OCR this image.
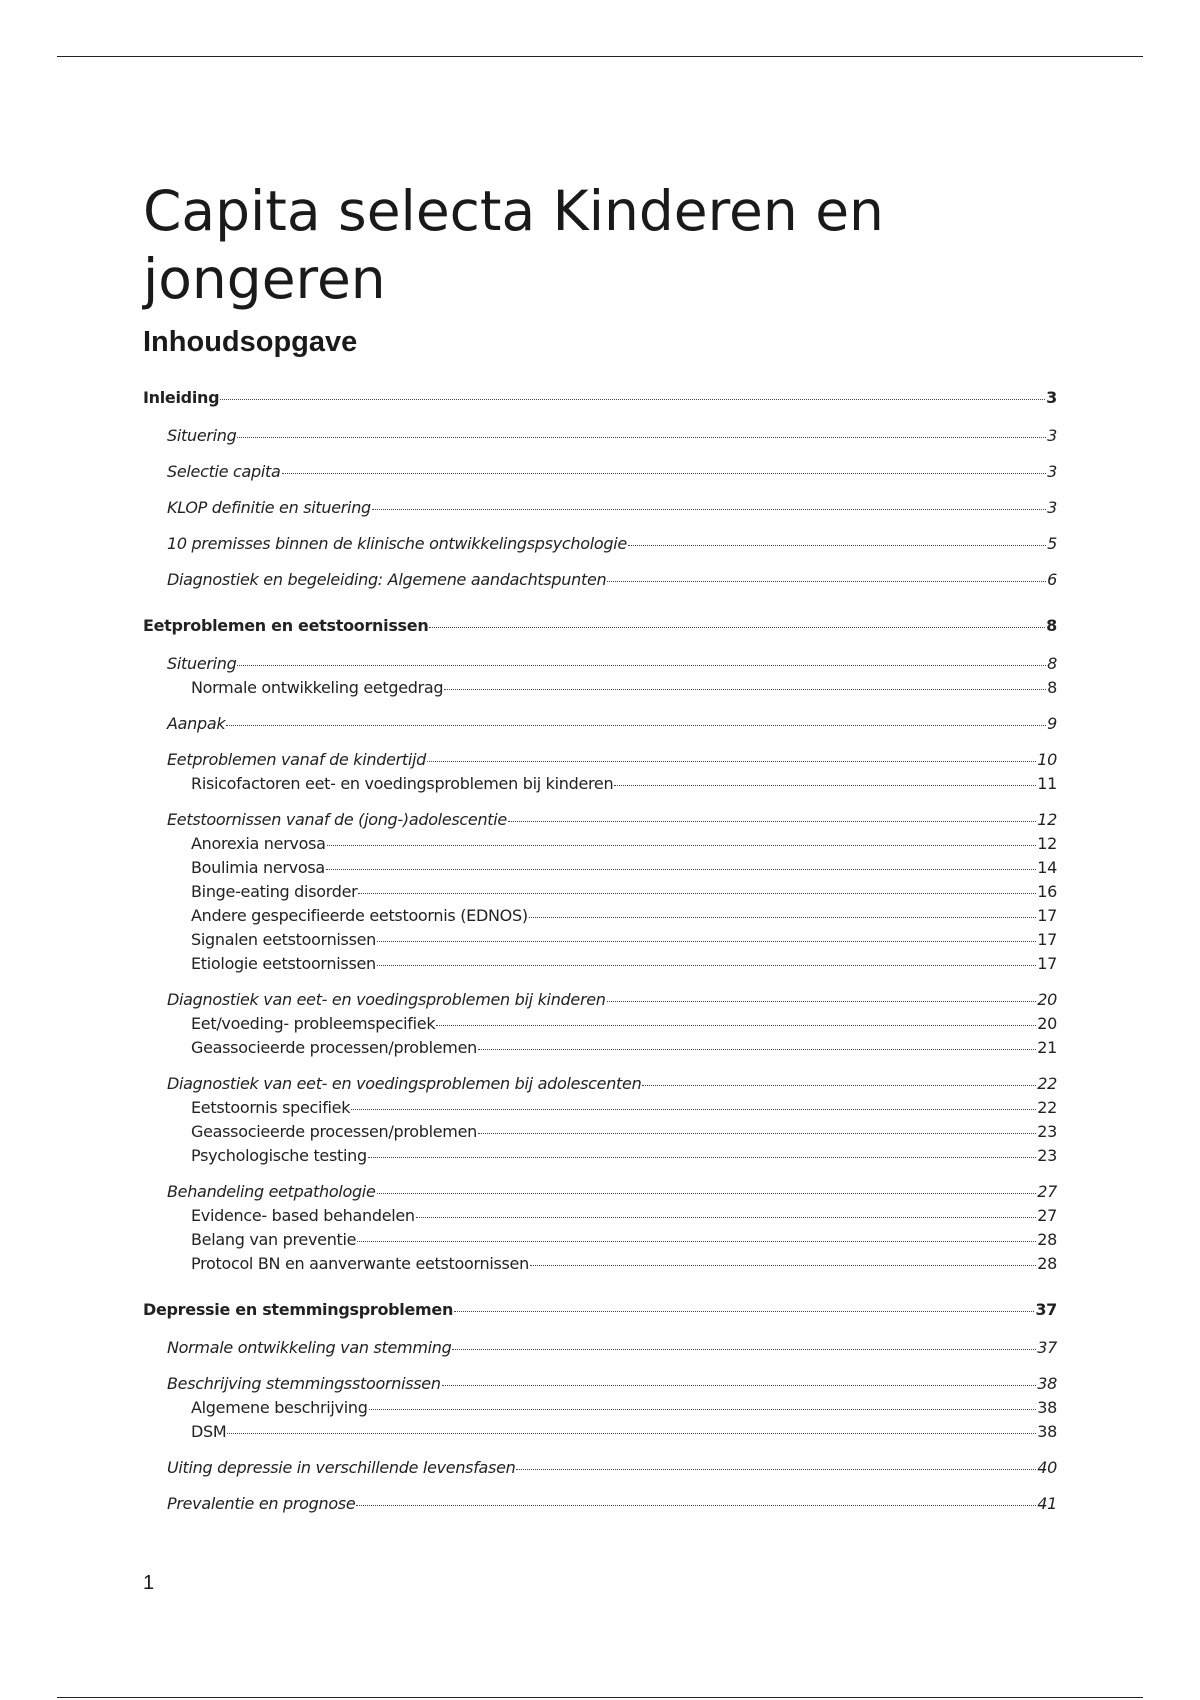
Capita selecta Kinderen en jongeren
Inhoudsopgave
Inleiding	3
Situering	3
Selectie capita	3
KLOP definitie en situering	3
10 premisses binnen de klinische ontwikkelingspsychologie	5
Diagnostiek en begeleiding: Algemene aandachtspunten	6
Eetproblemen en eetstoornissen	8
Situering	8
Normale ontwikkeling eetgedrag	8
Aanpak	9
Eetproblemen vanaf de kindertijd	10
Risicofactoren eet- en voedingsproblemen bij kinderen	11
Eetstoornissen vanaf de (jong-)adolescentie	12
Anorexia nervosa	12
Boulimia nervosa	14
Binge-eating disorder	16
Andere gespecifieerde eetstoornis (EDNOS)	17
Signalen eetstoornissen	17
Etiologie eetstoornissen	17
Diagnostiek van eet- en voedingsproblemen bij kinderen	20
Eet/voeding- probleemspecifiek	20
Geassocieerde processen/problemen	21
Diagnostiek van eet- en voedingsproblemen bij adolescenten	22
Eetstoornis specifiek	22
Geassocieerde processen/problemen	23
Psychologische testing	23
Behandeling eetpathologie	27
Evidence- based behandelen	27
Belang van preventie	28
Protocol BN en aanverwante eetstoornissen	28
Depressie en stemmingsproblemen	37
Normale ontwikkeling van stemming	37
Beschrijving stemmingsstoornissen	38
Algemene beschrijving	38
DSM	38
Uiting depressie in verschillende levensfasen	40
Prevalentie en prognose	41
1
